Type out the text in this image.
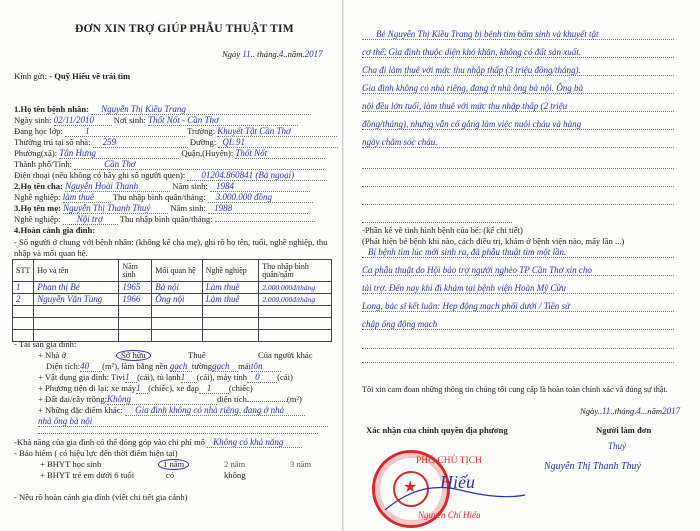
ĐƠN XIN TRỢ GIÚP PHẪU THUẬT TIM
Ngày 11.. tháng.4..năm.2017
Kính gửi: - Quỹ Hiểu về trái tim
1.Họ tên bệnh nhân: Nguyễn Thị Kiều Trang
Ngày sinh: 02/11/2010 Nơi sinh: Thốt Nốt - Cần Thơ
Đang học lớp: 1	Trường: Khuyết Tật Cần Thơ
Thường trú tại số nhà: 259	Đường: QL 91
Phường(xã): Tân Hưng	Quận,(Huyện): Thốt Nốt
Thành phố/Tỉnh:	Cần Thơ
Điện thoại (nếu không có hãy ghi số người quen): 01204.860841 (Bà ngoại)
2.Họ tên cha: Nguyễn Hoài Thanh	Năm sinh: 1984
Nghề nghiệp: làm thuê Thu nhập bình quân/tháng: 3.000.000 đồng
3.Họ tên mẹ: Nguyễn Thị Thanh Thuý Năm sinh: 1988
Nghề nghiệp: Nội trợ Thu nhập bình quân/tháng:
4.Hoàn cảnh gia đình:
- Số người ở chung với bệnh nhân: (không kể cha mẹ), ghi rõ họ tên, tuổi, nghề nghiệp, thu
nhập và mối quan hệ.
STT	Họ và tên	Năm sinh	Mối quan hệ	Nghề nghiệp	Thu nhập bình quân/năm
1	Phan thị Bé	1965	Bà nội	Làm thuê	2.000.000đ/tháng
2	Nguyễn Văn Tùng	1966	Ông nội	Làm thuê	2.000.000đ/tháng

- Tài sản gia đình:
+ Nhà ở	Sở hữu	Thuê	Của người khác
Diện tích:40 (m²), làm bằng nền gạch tườnggạch máitôn
+ Vật dụng gia đình: Tivi1 (cái), tủ lạnh1 (cái), máy tính 0 (cái)
+ Phương tiện đi lại: xe máy1 (chiếc), xe đạp 1 (chiếc)
+ Đất đai/cây trồng:Không	diện tích	(m²)
+ Những đặc điểm khác: Gia đình không có nhà riêng, đang ở nhà
nhà ông bà nội
-Khả năng của gia đình có thể đóng góp vào chi phí mổ Không có khả năng
- Bảo hiểm ( có hiệu lực đến thời điểm hiện tại)
+ BHYT học sinh	1 năm	2 năm	3 năm
+ BHYT trẻ em dưới 6 tuổi	có	không
- Nêu rõ hoàn cảnh gia đình (viết chi tiết gia cảnh)
Bé Nguyễn Thị Kiều Trang bị bệnh tim bẩm sinh và khuyết tật
cơ thể. Gia đình thuộc diện khó khăn, không có đất sản xuất.
Cha đi làm thuê với mức thu nhập thấp (3 triệu đồng/tháng).
Gia đình không có nhà riêng, đang ở nhà ông bà nội. Ông bà
nội đều lớn tuổi, làm thuê với mức thu nhập thấp (2 triệu
đồng/tháng), nhưng vẫn cố gắng làm việc nuôi cháu và hàng
ngày chăm sóc cháu.
-Phần kể về tình hình bệnh của bé: (kể chi tiết)
(Phát hiện bé bệnh khi nào, cách điều trị, khám ở bệnh viện nào, mấy lần ...)
Bị bệnh tim lúc mới sinh ra, đã phẫu thuật tim một lần.
Ca phẫu thuật do Hội bảo trợ người nghèo TP Cần Thơ xin cho
tài trợ. Đến nay khi đi khám tại bệnh viện Hoàn Mỹ Cửu
Long, bác sĩ kết luận: Hẹp động mạch phổi dưới / Tiền sử
chập ống động mạch
Tôi xin cam đoan những thông tin chúng tôi cung cấp là hoàn toàn chính xác và đúng sự thật.
Ngày..11..tháng.4...năm2017
Xác nhận của chính quyền địa phương	Người làm đơn
Thuý
Nguyễn Thị Thanh Thuý
★
PHÓ CHỦ TỊCH
Hiếu
Nguyễn Chí Hiếu
